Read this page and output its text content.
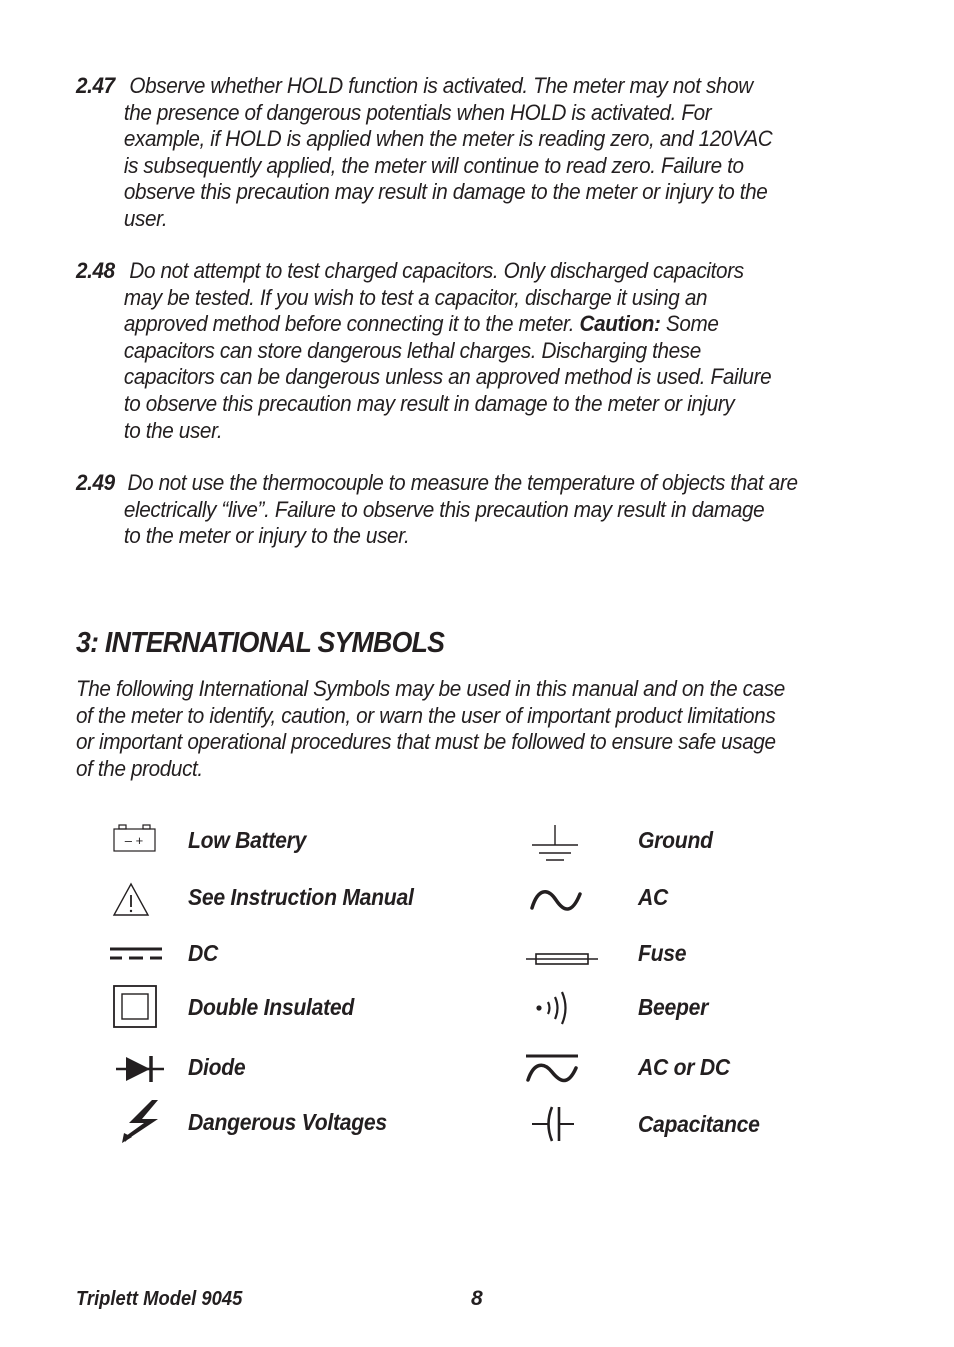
2.47 Observe whether HOLD function is activated. The meter may not show
the presence of dangerous potentials when HOLD is activated. For
example, if HOLD is applied when the meter is reading zero, and 120VAC
is subsequently applied, the meter will continue to read zero. Failure to
observe this precaution may result in damage to the meter or injury to the
user.
2.48 Do not attempt to test charged capacitors. Only discharged capacitors
may be tested. If you wish to test a capacitor, discharge it using an
approved method before connecting it to the meter. Caution: Some
capacitors can store dangerous lethal charges. Discharging these
capacitors can be dangerous unless an approved method is used. Failure
to observe this precaution may result in damage to the meter or injury
to the user.
2.49 Do not use the thermocouple to measure the temperature of objects that are
electrically “live”. Failure to observe this precaution may result in damage
to the meter or injury to the user.
3: INTERNATIONAL SYMBOLS
The following International Symbols may be used in this manual and on the case
of the meter to identify, caution, or warn the user of important product limitations
or important operational procedures that must be followed to ensure safe usage
of the product.
– + Low Battery
See Instruction Manual
DC
Double Insulated
Diode
Dangerous Voltages
Ground
AC
Fuse
Beeper
AC or DC
Capacitance
Triplett Model 9045	8
